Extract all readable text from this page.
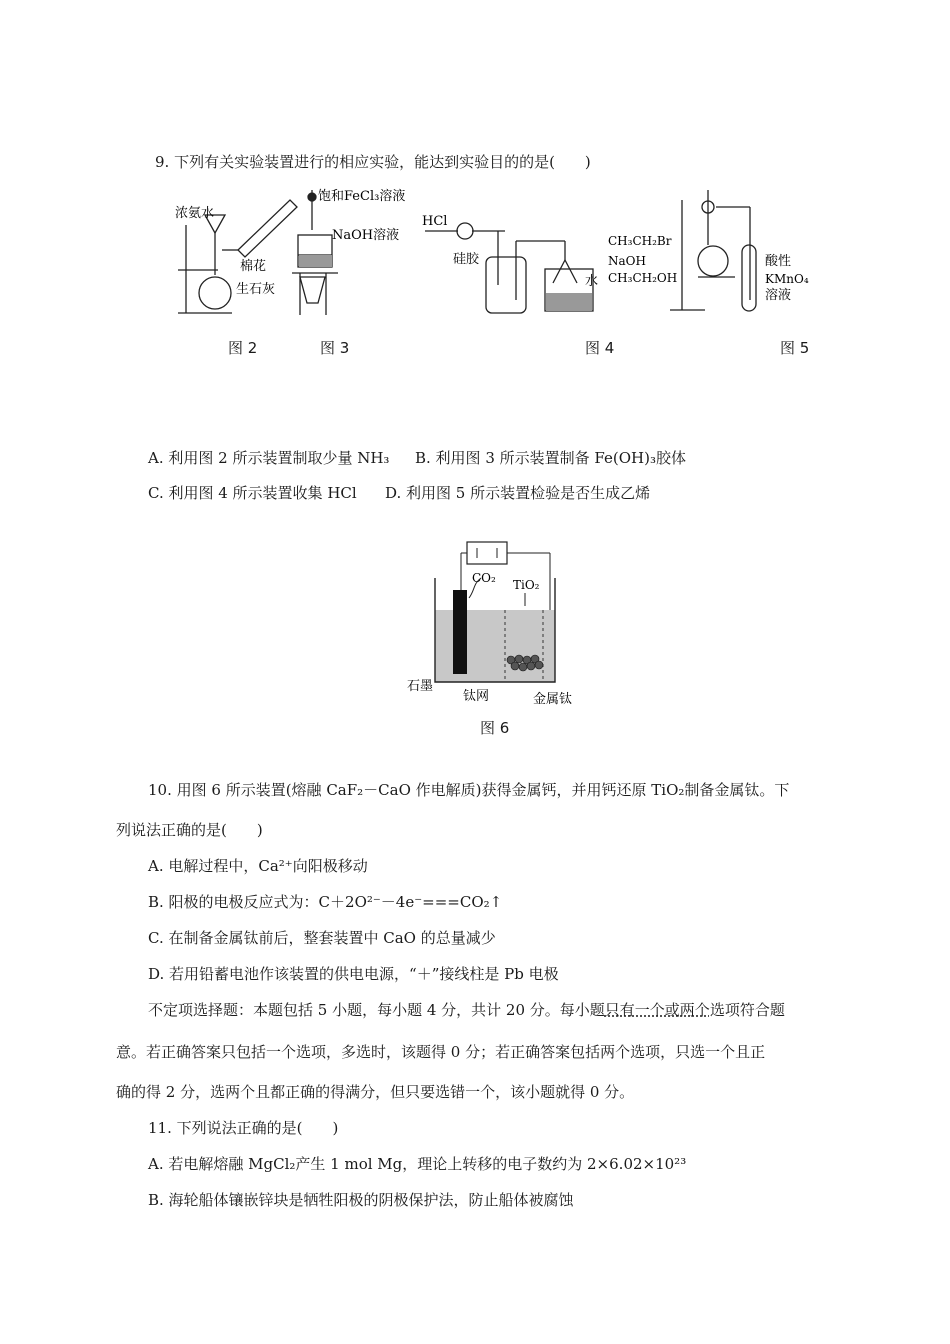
9. 下列有关实验装置进行的相应实验，能达到实验目的的是(　　)
浓氨水
棉花
生石灰
饱和FeCl₃溶液
NaOH溶液
HCl
硅胶
水
CH₃CH₂Br
NaOH
CH₃CH₂OH
酸性
KMnO₄
溶液
图 2	图 3	图 4	图 5
A. 利用图 2 所示装置制取少量 NH₃ B. 利用图 3 所示装置制备 Fe(OH)₃胶体
C. 利用图 4 所示装置收集 HCl D. 利用图 5 所示装置检验是否生成乙烯
CO₂ TiO₂
石墨
钛网	金属钛
图 6
10. 用图 6 所示装置(熔融 CaF₂－CaO 作电解质)获得金属钙，并用钙还原 TiO₂制备金属钛。下
列说法正确的是(　　)
A. 电解过程中，Ca²⁺向阳极移动
B. 阳极的电极反应式为：C＋2O²⁻－4e⁻===CO₂↑
C. 在制备金属钛前后，整套装置中 CaO 的总量减少
D. 若用铅蓄电池作该装置的供电电源，“＋”接线柱是 Pb 电极
不定项选择题：本题包括 5 小题，每小题 4 分，共计 20 分。每小题只有一个或两个选项符合题
意。若正确答案只包括一个选项，多选时，该题得 0 分；若正确答案包括两个选项，只选一个且正
确的得 2 分，选两个且都正确的得满分，但只要选错一个，该小题就得 0 分。
11. 下列说法正确的是(　　)
A. 若电解熔融 MgCl₂产生 1 mol Mg，理论上转移的电子数约为 2×6.02×10²³
B. 海轮船体镶嵌锌块是牺牲阳极的阴极保护法，防止船体被腐蚀
